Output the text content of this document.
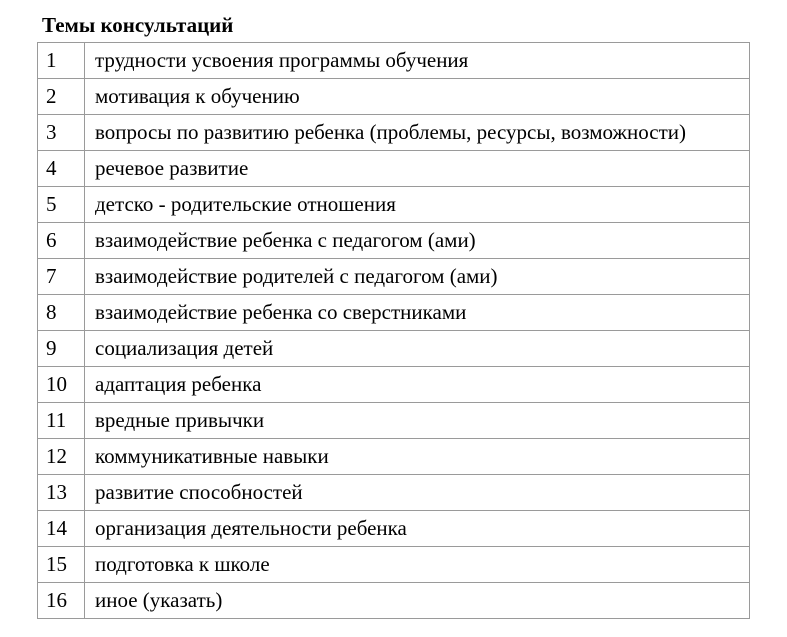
Темы консультаций
1	трудности усвоения программы обучения
2	мотивация к обучению
3	вопросы по развитию ребенка (проблемы, ресурсы, возможности)
4	речевое развитие
5	детско - родительские отношения
6	взаимодействие ребенка с педагогом (ами)
7	взаимодействие родителей с педагогом (ами)
8	взаимодействие ребенка со сверстниками
9	социализация детей
10	адаптация ребенка
11	вредные привычки
12	коммуникативные навыки
13	развитие способностей
14	организация деятельности ребенка
15	подготовка к школе
16	иное (указать)
